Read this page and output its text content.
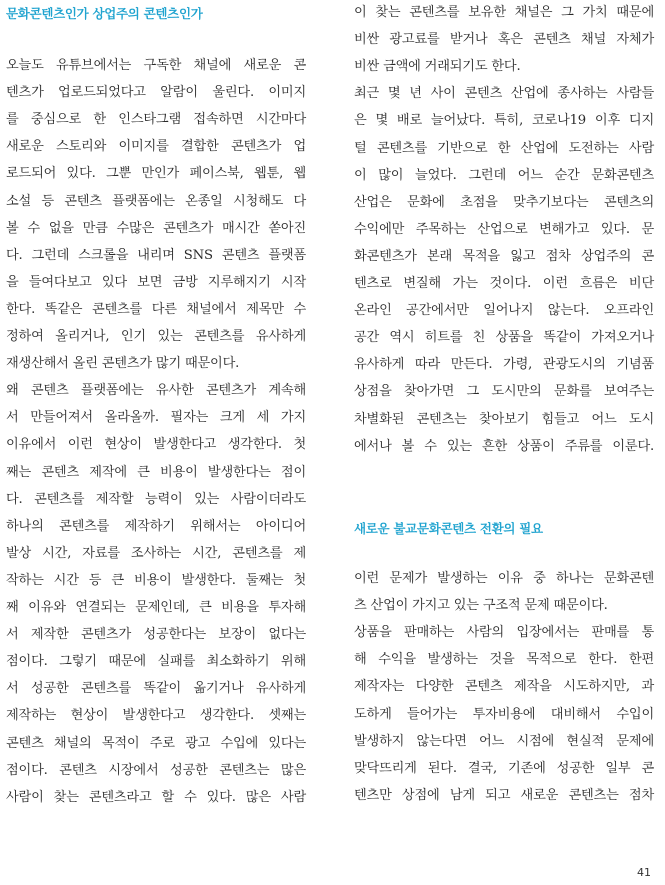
문화콘텐츠인가 상업주의 콘텐츠인가
오늘도 유튜브에서는 구독한 채널에 새로운 콘
텐츠가 업로드되었다고 알람이 울린다. 이미지
를 중심으로 한 인스타그램 접속하면 시간마다
새로운 스토리와 이미지를 결합한 콘텐츠가 업
로드되어 있다. 그뿐 만인가 페이스북, 웹툰, 웹
소설 등 콘텐츠 플랫폼에는 온종일 시청해도 다
볼 수 없을 만큼 수많은 콘텐츠가 매시간 쏟아진
다. 그런데 스크롤을 내리며 SNS 콘텐츠 플랫폼
을 들여다보고 있다 보면 금방 지루해지기 시작
한다. 똑같은 콘텐츠를 다른 채널에서 제목만 수
정하여 올리거나, 인기 있는 콘텐츠를 유사하게
재생산해서 올린 콘텐츠가 많기 때문이다.
왜 콘텐츠 플랫폼에는 유사한 콘텐츠가 계속해
서 만들어져서 올라올까. 필자는 크게 세 가지
이유에서 이런 현상이 발생한다고 생각한다. 첫
째는 콘텐츠 제작에 큰 비용이 발생한다는 점이
다. 콘텐츠를 제작할 능력이 있는 사람이더라도
하나의 콘텐츠를 제작하기 위해서는 아이디어
발상 시간, 자료를 조사하는 시간, 콘텐츠를 제
작하는 시간 등 큰 비용이 발생한다. 둘째는 첫
째 이유와 연결되는 문제인데, 큰 비용을 투자해
서 제작한 콘텐츠가 성공한다는 보장이 없다는
점이다. 그렇기 때문에 실패를 최소화하기 위해
서 성공한 콘텐츠를 똑같이 옮기거나 유사하게
제작하는 현상이 발생한다고 생각한다. 셋째는
콘텐츠 채널의 목적이 주로 광고 수입에 있다는
점이다. 콘텐츠 시장에서 성공한 콘텐츠는 많은
사람이 찾는 콘텐츠라고 할 수 있다. 많은 사람
이 찾는 콘텐츠를 보유한 채널은 그 가치 때문에
비싼 광고료를 받거나 혹은 콘텐츠 채널 자체가
비싼 금액에 거래되기도 한다.
최근 몇 년 사이 콘텐츠 산업에 종사하는 사람들
은 몇 배로 늘어났다. 특히, 코로나19 이후 디지
털 콘텐츠를 기반으로 한 산업에 도전하는 사람
이 많이 늘었다. 그런데 어느 순간 문화콘텐츠
산업은 문화에 초점을 맞추기보다는 콘텐츠의
수익에만 주목하는 산업으로 변해가고 있다. 문
화콘텐츠가 본래 목적을 잃고 점차 상업주의 콘
텐츠로 변질해 가는 것이다. 이런 흐름은 비단
온라인 공간에서만 일어나지 않는다. 오프라인
공간 역시 히트를 친 상품을 똑같이 가져오거나
유사하게 따라 만든다. 가령, 관광도시의 기념품
상점을 찾아가면 그 도시만의 문화를 보여주는
차별화된 콘텐츠는 찾아보기 힘들고 어느 도시
에서나 볼 수 있는 흔한 상품이 주류를 이룬다.
새로운 불교문화콘텐츠 전환의 필요
이런 문제가 발생하는 이유 중 하나는 문화콘텐
츠 산업이 가지고 있는 구조적 문제 때문이다.
상품을 판매하는 사람의 입장에서는 판매를 통
해 수익을 발생하는 것을 목적으로 한다. 한편
제작자는 다양한 콘텐츠 제작을 시도하지만, 과
도하게 들어가는 투자비용에 대비해서 수입이
발생하지 않는다면 어느 시점에 현실적 문제에
맞닥뜨리게 된다. 결국, 기존에 성공한 일부 콘
텐츠만 상점에 남게 되고 새로운 콘텐츠는 점차
41
